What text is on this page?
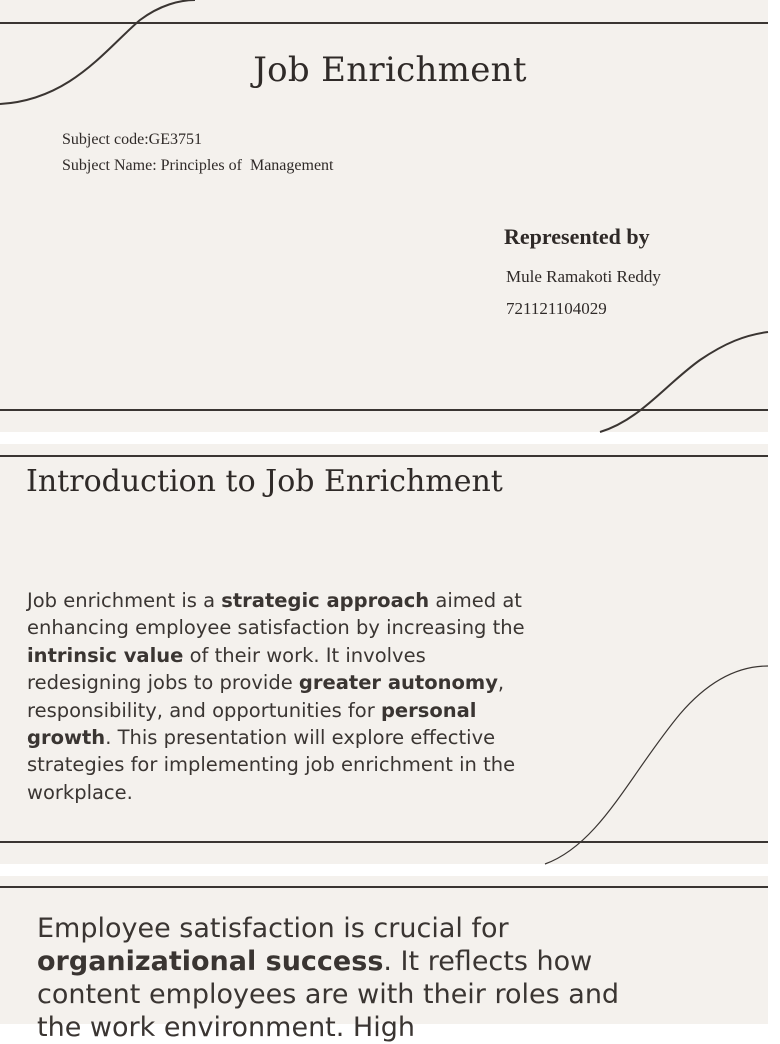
Job Enrichment
Subject code:GE3751
Subject Name: Principles of  Management
Represented by
Mule Ramakoti Reddy
721121104029
Introduction to Job Enrichment
Job enrichment is a strategic approach aimed at enhancing employee satisfaction by increasing the intrinsic value of their work. It involves redesigning jobs to provide greater autonomy, responsibility, and opportunities for personal growth. This presentation will explore effective strategies for implementing job enrichment in the workplace.
Employee satisfaction is crucial for organizational success. It reflects how content employees are with their roles and the work environment. High
